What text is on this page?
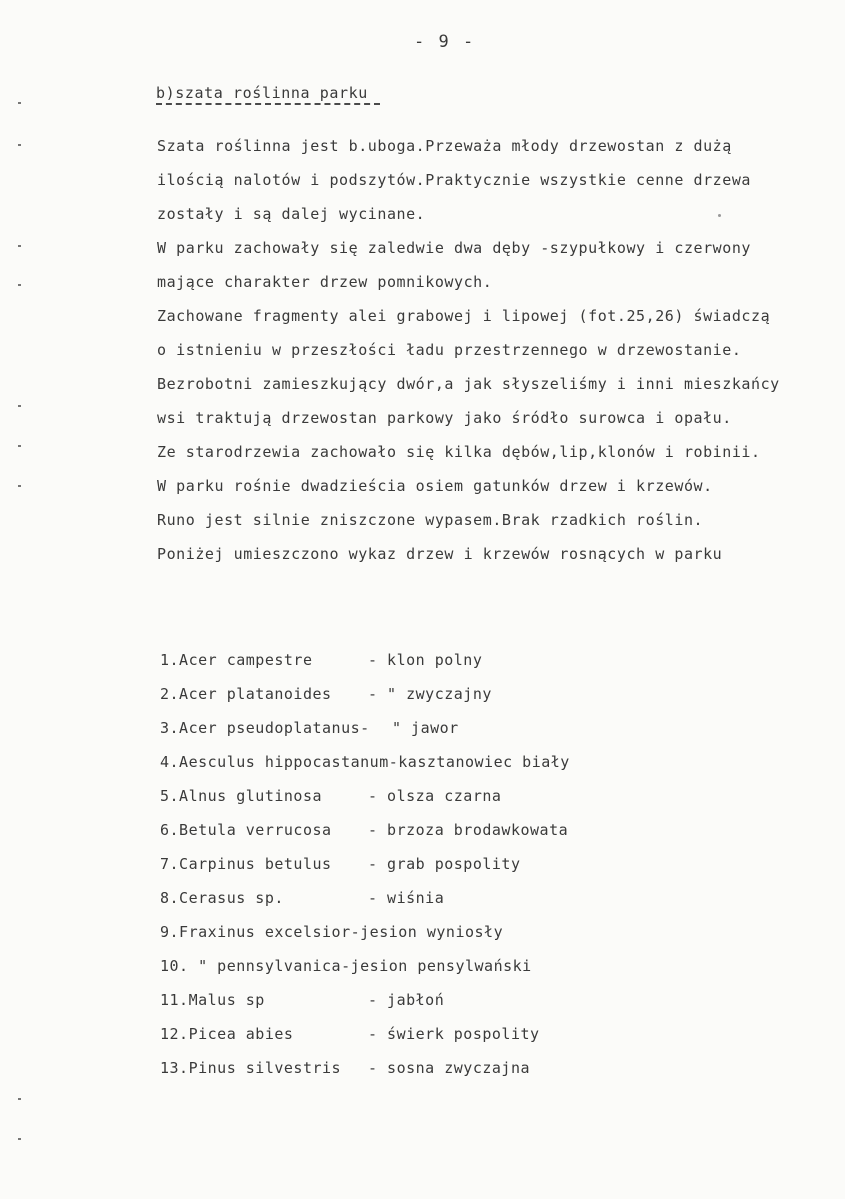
- 9 -
b)szata roślinna parku
Szata roślinna jest b.uboga.Przeważa młody drzewostan z dużą
ilością nalotów i podszytów.Praktycznie wszystkie cenne drzewa
zostały i są dalej wycinane.
W parku zachowały się zaledwie dwa dęby -szypułkowy i czerwony
mające charakter drzew pomnikowych.
Zachowane fragmenty alei grabowej i lipowej (fot.25,26) świadczą
o istnieniu w przeszłości ładu przestrzennego w drzewostanie.
Bezrobotni zamieszkujący dwór,a jak słyszeliśmy i inni mieszkańcy
wsi traktują drzewostan parkowy jako śródło surowca i opału.
Ze starodrzewia zachowało się kilka dębów,lip,klonów i robinii.
W parku rośnie dwadzieścia osiem gatunków drzew i krzewów.
Runo jest silnie zniszczone wypasem.Brak rzadkich roślin.
Poniżej umieszczono wykaz drzew i krzewów rosnących w parku
1.Acer campestre	- klon polny
2.Acer platanoides - " zwyczajny
3.Acer pseudoplatanus- " jawor
4.Aesculus hippocastanum-kasztanowiec biały
5.Alnus glutinosa	- olsza czarna
6.Betula verrucosa - brzoza brodawkowata
7.Carpinus betulus - grab pospolity
8.Cerasus sp.	- wiśnia
9.Fraxinus excelsior-jesion wyniosły
10. " pennsylvanica-jesion pensylwański
11.Malus sp	- jabłoń
12.Picea abies	- świerk pospolity
13.Pinus silvestris - sosna zwyczajna
